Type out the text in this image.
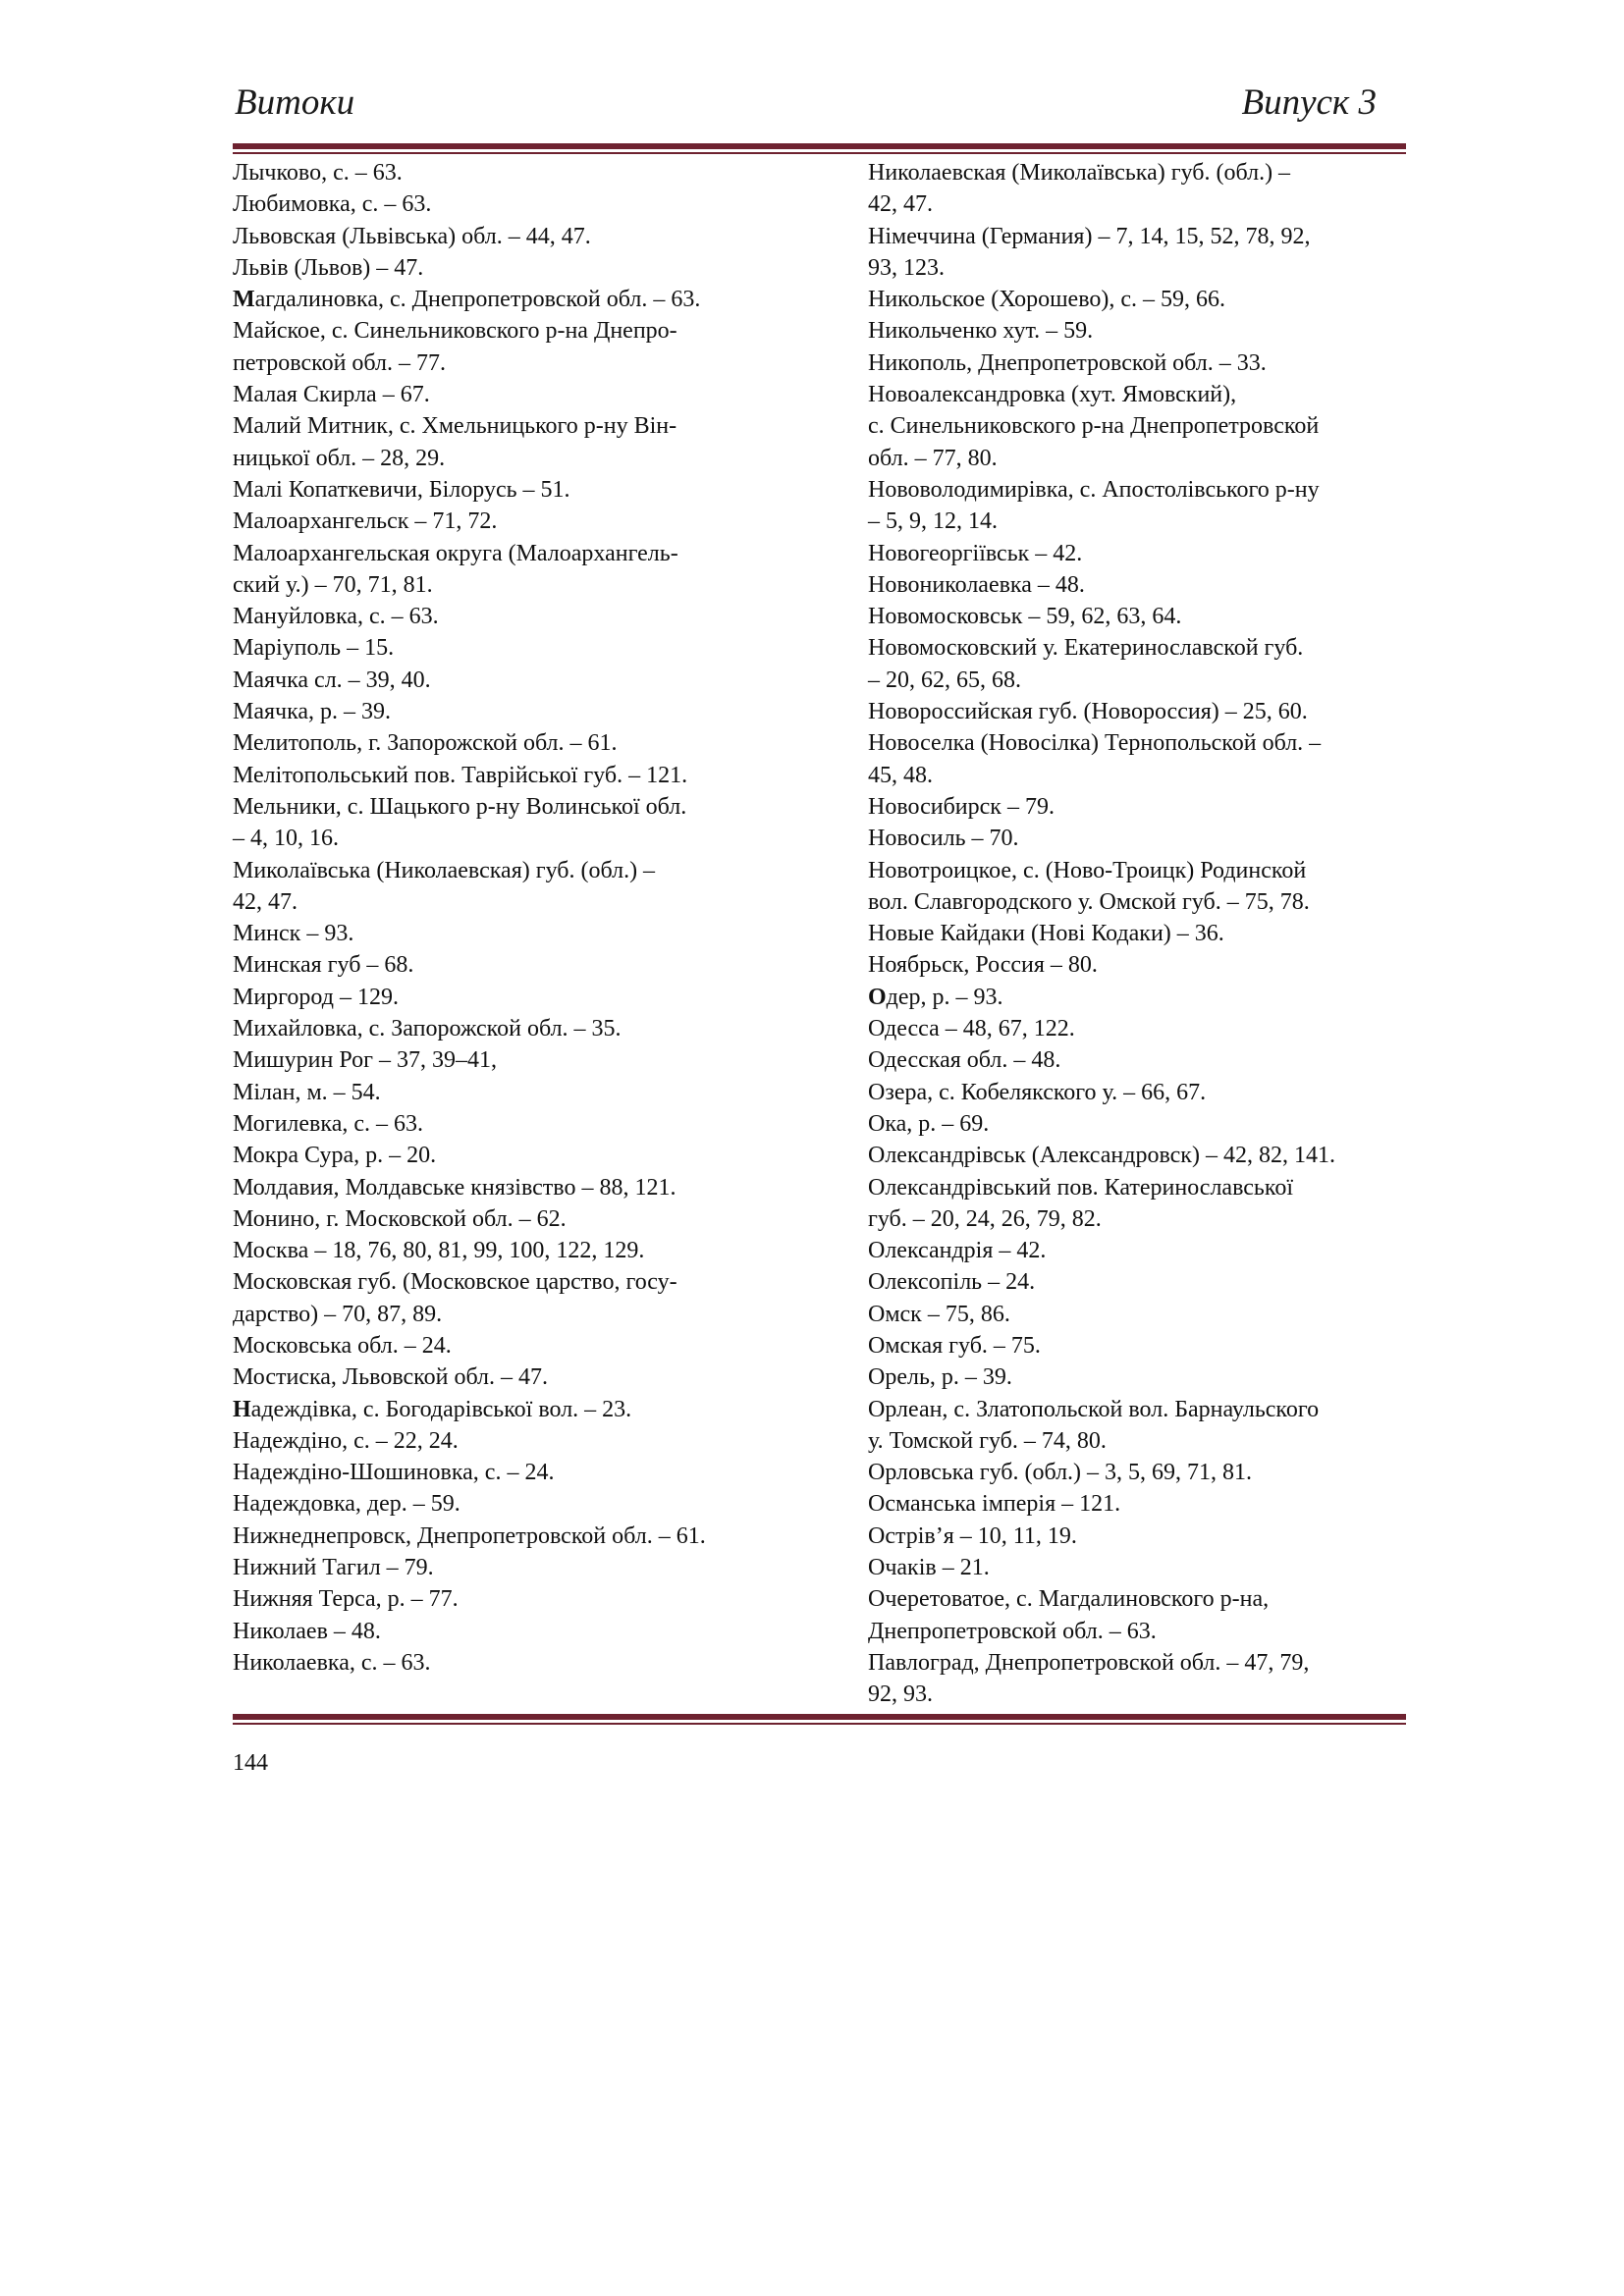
Витоки	Випуск 3
Лычково, с. – 63.
Любимовка, с. – 63.
Львовская (Львівська) обл. – 44, 47.
Львів (Львов) – 47.
Магдалиновка, с. Днепропетровской обл. – 63.
Майское, с. Синельниковского р-на Днепро-
петровской обл. – 77.
Малая Скирла – 67.
Малий Митник, с. Хмельницького р-ну Він-
ницької обл. – 28, 29.
Малі Копаткевичи, Білорусь – 51.
Малоархангельск – 71, 72.
Малоархангельская округа (Малоархангель-
ский у.) – 70, 71, 81.
Мануйловка, с. – 63.
Маріуполь – 15.
Маячка сл. – 39, 40.
Маячка, р. – 39.
Мелитополь, г. Запорожской обл. – 61.
Мелітопольський пов. Таврійської губ. – 121.
Мельники, с. Шацького р-ну Волинської обл.
– 4, 10, 16.
Миколаївська (Николаевская) губ. (обл.) –
42, 47.
Минск – 93.
Минская губ – 68.
Миргород – 129.
Михайловка, с. Запорожской обл. – 35.
Мишурин Рог – 37, 39–41,
Мілан, м. – 54.
Могилевка, с. – 63.
Мокра Сура, р. – 20.
Молдавия, Молдавське князівство – 88, 121.
Монино, г. Московской обл. – 62.
Москва – 18, 76, 80, 81, 99, 100, 122, 129.
Московская губ. (Московское царство, госу-
дарство) – 70, 87, 89.
Московська обл. – 24.
Мостиска, Львовской обл. – 47.
Надеждівка, с. Богодарівської вол. – 23.
Надеждіно, с. – 22, 24.
Надеждіно-Шошиновка, с. – 24.
Надеждовка, дер. – 59.
Нижнеднепровск, Днепропетровской обл. – 61.
Нижний Тагил – 79.
Нижняя Терса, р. – 77.
Николаев – 48.
Николаевка, с. – 63.
Николаевская (Миколаївська) губ. (обл.) –
42, 47.
Німеччина (Германия) – 7, 14, 15, 52, 78, 92,
93, 123.
Никольское (Хорошево), с. – 59, 66.
Никольченко хут. – 59.
Никополь, Днепропетровской обл. – 33.
Новоалександровка (хут. Ямовский),
с. Синельниковского р-на Днепропетровской
обл. – 77, 80.
Нововолодимирівка, с. Апостолівського р-ну
– 5, 9, 12, 14.
Новогеоргіївськ – 42.
Новониколаевка – 48.
Новомосковськ – 59, 62, 63, 64.
Новомосковский у. Екатеринославской губ.
– 20, 62, 65, 68.
Новороссийская губ. (Новороссия) – 25, 60.
Новоселка (Новосілка) Тернопольской обл. –
45, 48.
Новосибирск – 79.
Новосиль – 70.
Новотроицкое, с. (Ново-Троицк) Родинской
вол. Славгородского у. Омской губ. – 75, 78.
Новые Кайдаки (Нові Кодаки) – 36.
Ноябрьск, Россия – 80.
Одер, р. – 93.
Одесса – 48, 67, 122.
Одесская обл. – 48.
Озера, с. Кобелякского у. – 66, 67.
Ока, р. – 69.
Олександрівськ (Александровск) – 42, 82, 141.
Олександрівський пов. Катеринославської
губ. – 20, 24, 26, 79, 82.
Олександрія – 42.
Олексопіль – 24.
Омск – 75, 86.
Омская губ. – 75.
Орель, р. – 39.
Орлеан, с. Златопольской вол. Барнаульского
у. Томской губ. – 74, 80.
Орловська губ. (обл.) – 3, 5, 69, 71, 81.
Османська імперія – 121.
Острів’я – 10, 11, 19.
Очаків – 21.
Очеретоватое, с. Магдалиновского р-на,
Днепропетровской обл. – 63.
Павлоград, Днепропетровской обл. – 47, 79,
92, 93.
144
